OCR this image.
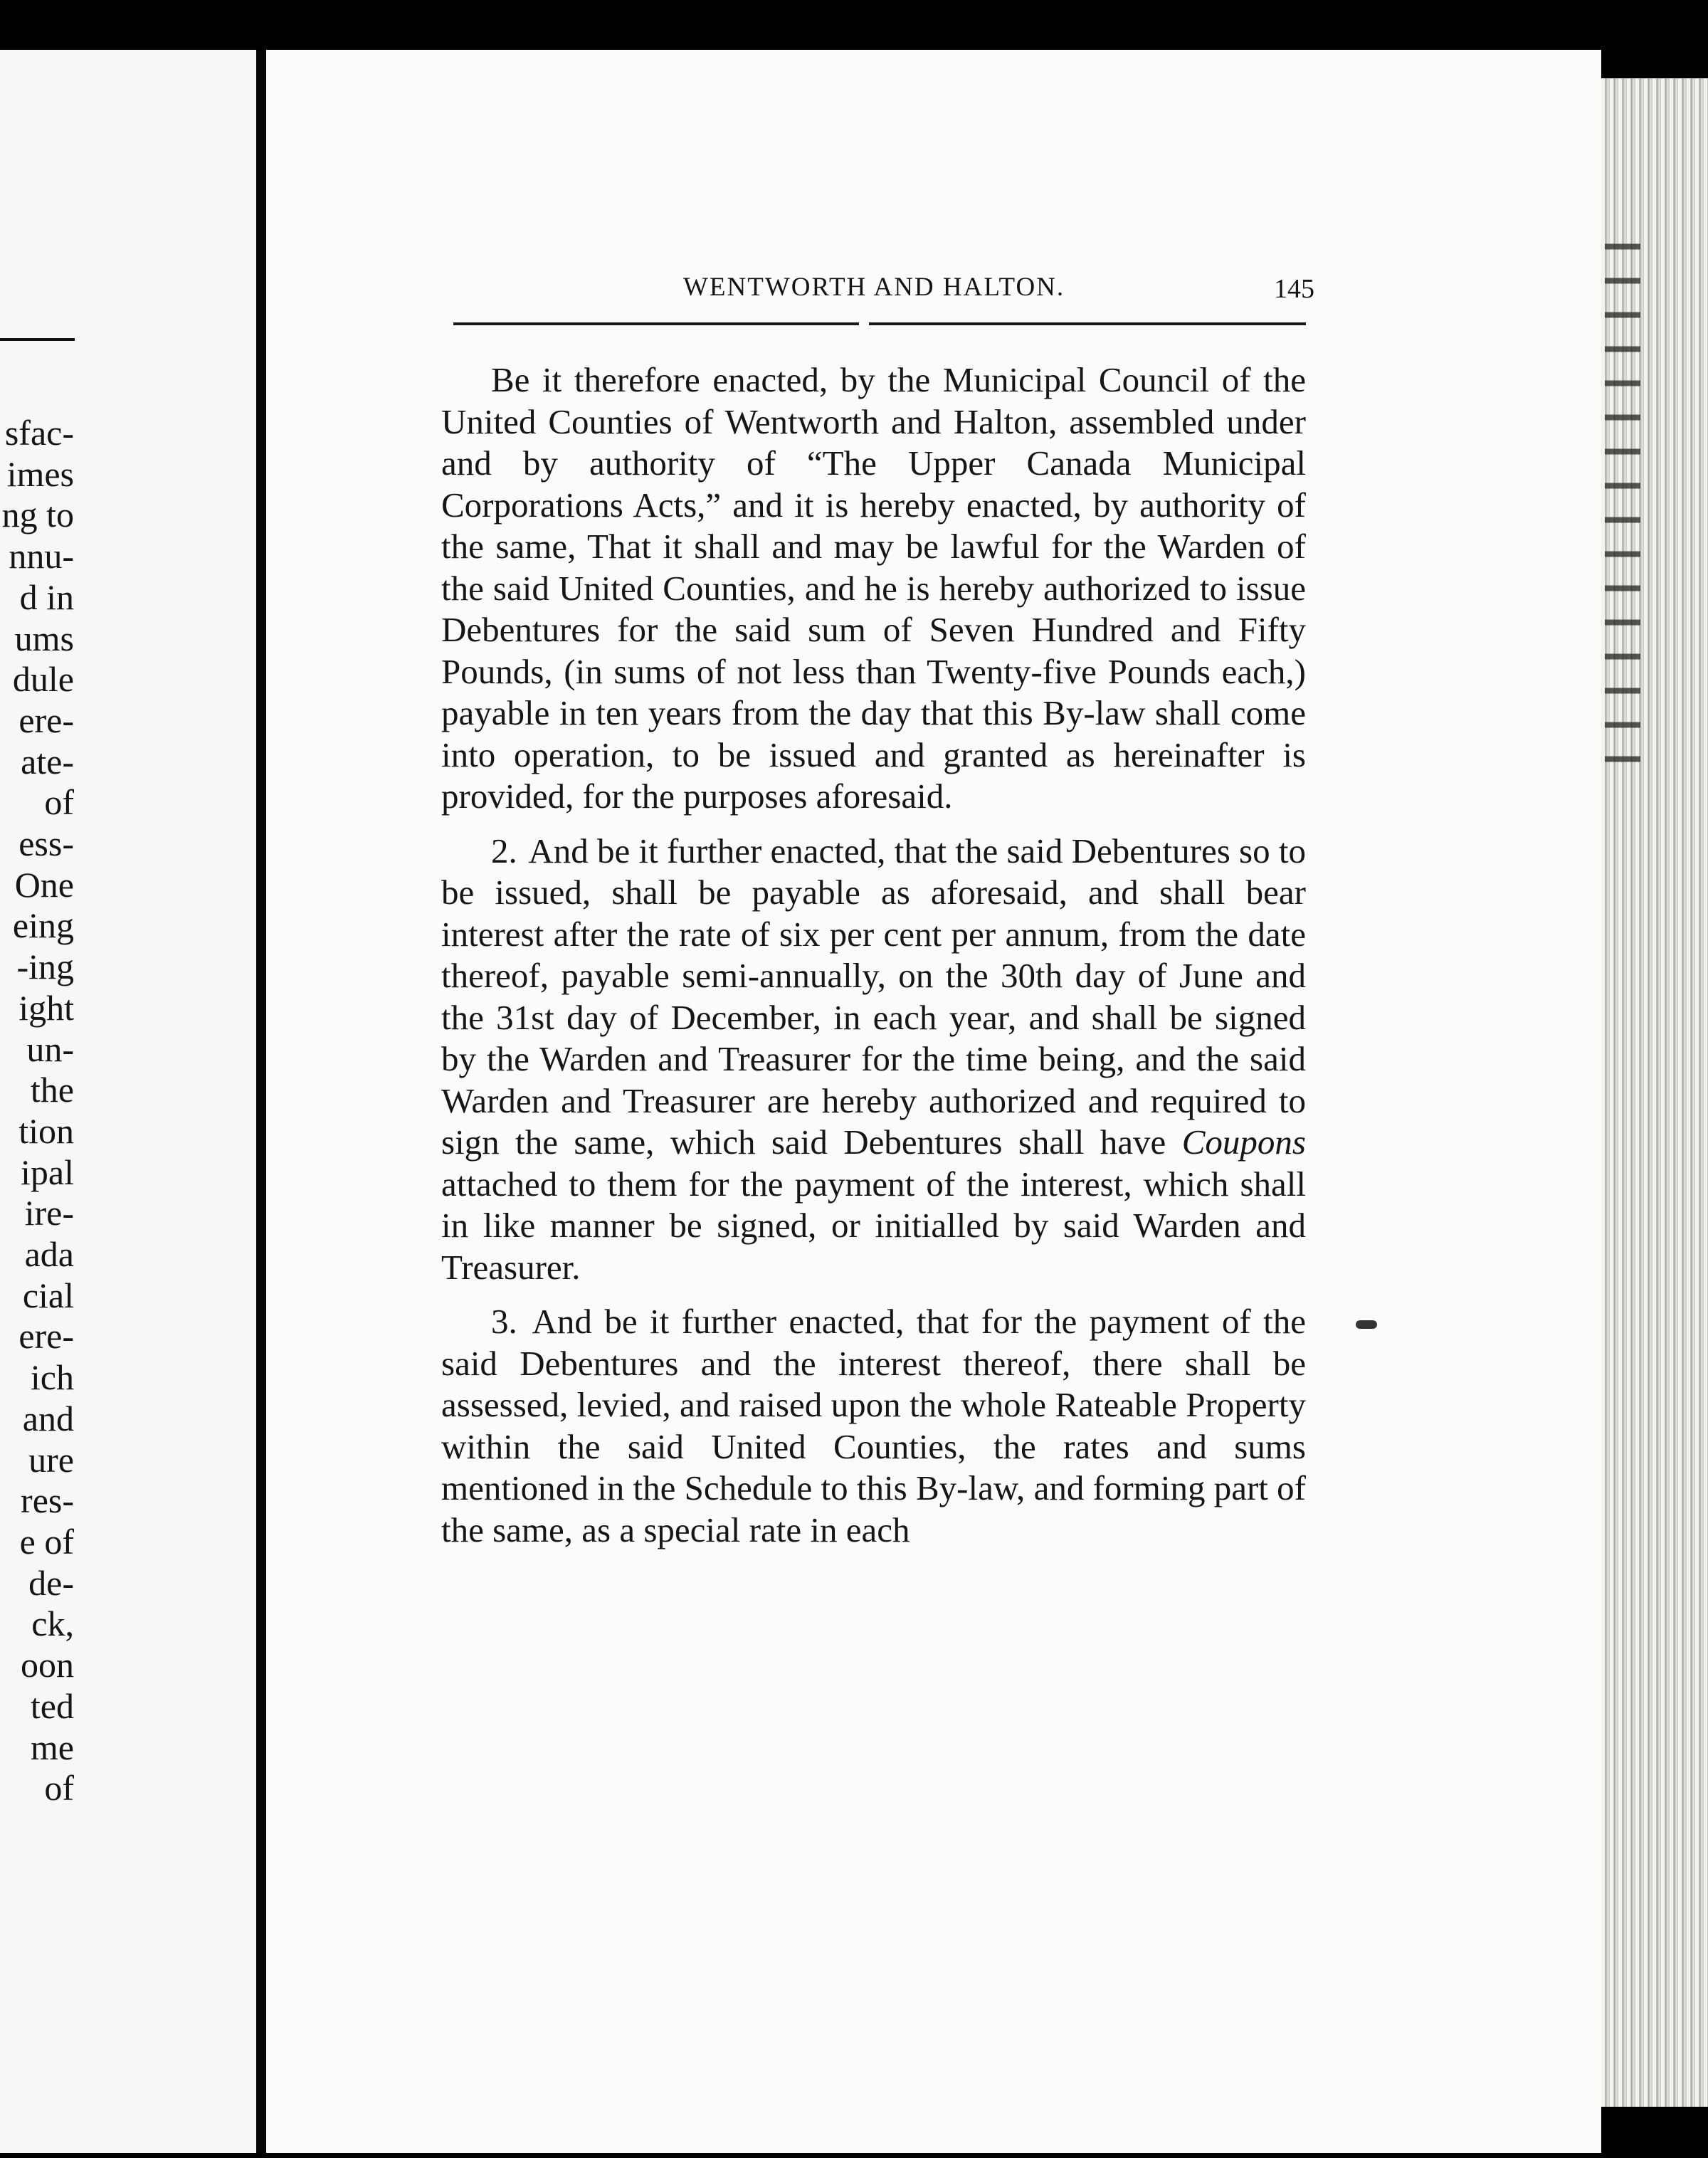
sfac-
imes
ng to
nnu-
d in
ums
dule
ere-
ate-
of
ess-
One
eing
-ing
ight
un-
the
tion
ipal
ire-
ada
cial
ere-
ich
and
ure
res-
e of
de-
ck,
oon
ted
me
of
WENTWORTH AND HALTON.	145

Be it therefore enacted, by the Municipal Council of the United Counties of Wentworth and Halton, assembled under and by authority of “The Upper Canada Municipal Corporations Acts,” and it is hereby enacted, by authority of the same, That it shall and may be lawful for the Warden of the said United Counties, and he is hereby authorized to issue Debentures for the said sum of Seven Hundred and Fifty Pounds, (in sums of not less than Twenty-five Pounds each,) payable in ten years from the day that this By-law shall come into operation, to be issued and granted as hereinafter is provided, for the purposes aforesaid.

2. And be it further enacted, that the said Debentures so to be issued, shall be payable as aforesaid, and shall bear interest after the rate of six per cent per annum, from the date thereof, payable semi-annually, on the 30th day of June and the 31st day of December, in each year, and shall be signed by the Warden and Treasurer for the time being, and the said Warden and Treasurer are hereby authorized and required to sign the same, which said Debentures shall have Coupons attached to them for the payment of the interest, which shall in like manner be signed, or initialled by said Warden and Treasurer.

3. And be it further enacted, that for the payment of the said Debentures and the interest thereof, there shall be assessed, levied, and raised upon the whole Rateable Property within the said United Counties, the rates and sums mentioned in the Schedule to this By-law, and forming part of the same, as a special rate in each
